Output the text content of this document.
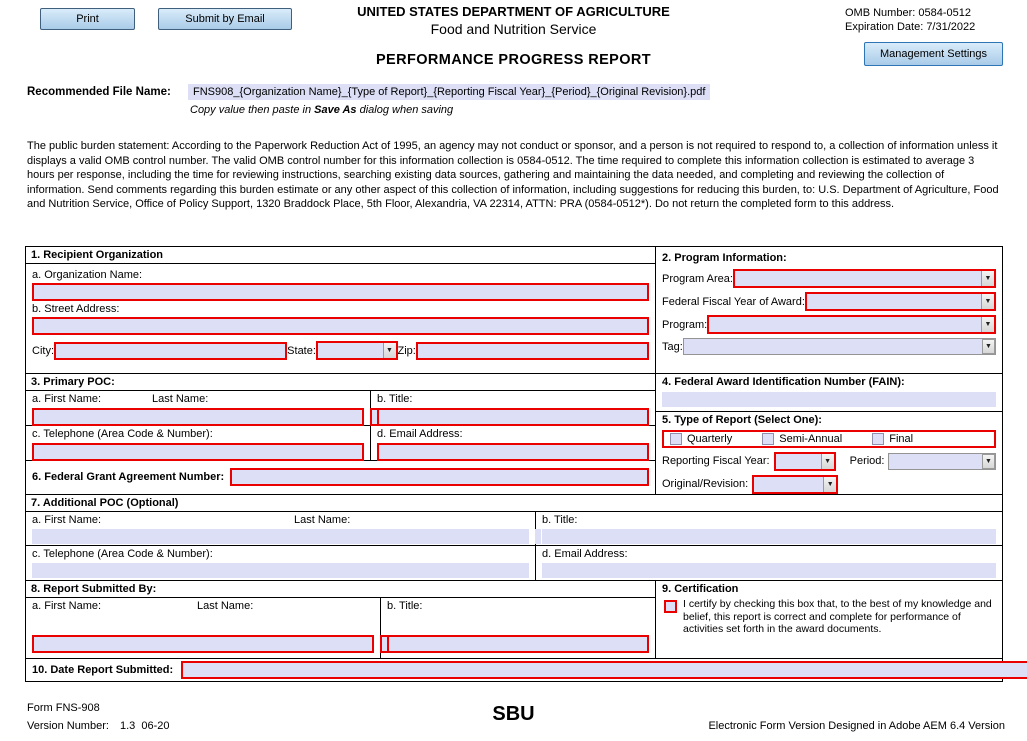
Print	Submit by Email	UNITED STATES DEPARTMENT OF AGRICULTURE
Food and Nutrition Service
OMB Number: 0584-0512
Expiration Date: 7/31/2022
PERFORMANCE PROGRESS REPORT	Management Settings
Recommended File Name:	FNS908_{Organization Name}_{Type of Report}_{Reporting Fiscal Year}_{Period}_{Original Revision}.pdf
Copy value then paste in Save As dialog when saving
The public burden statement: According to the Paperwork Reduction Act of 1995, an agency may not conduct or sponsor, and a person is not required to respond to, a collection of information unless it displays a valid OMB control number. The valid OMB control number for this information collection is 0584-0512. The time required to complete this information collection is estimated to average 3 hours per response, including the time for reviewing instructions, searching existing data sources, gathering and maintaining the data needed, and completing and reviewing the collection of information. Send comments regarding this burden estimate or any other aspect of this collection of information, including suggestions for reducing this burden, to: U.S. Department of Agriculture, Food and Nutrition Service, Office of Policy Support, 1320 Braddock Place, 5th Floor, Alexandria, VA 22314, ATTN: PRA (0584-0512*). Do not return the completed form to this address.
1. Recipient Organization
a. Organization Name:
b. Street Address:
City:	State:	▼ Zip:
2. Program Information:
Program Area:	▼
Federal Fiscal Year of Award:	▼
Program:	▼
Tag:	▼
3. Primary POC:
a. First Name:	Last Name:	b. Title:
c. Telephone (Area Code & Number):	d. Email Address:
6. Federal Grant Agreement Number:
4. Federal Award Identification Number (FAIN):
5. Type of Report (Select One):
Quarterly	Semi-Annual	Final
Reporting Fiscal Year:	▼ Period:	▼
Original/Revision:	▼
7. Additional POC (Optional)
a. First Name:	Last Name:	b. Title:
c. Telephone (Area Code & Number):	d. Email Address:
8. Report Submitted By:
a. First Name:	Last Name:	b. Title:
9. Certification
I certify by checking this box that, to the best of my knowledge and belief, this report is correct and complete for performance of activities set forth in the award documents.
10. Date Report Submitted:
Form FNS-908
Version Number: 1.3  06-20
SBU
Electronic Form Version Designed in Adobe AEM 6.4 Version
